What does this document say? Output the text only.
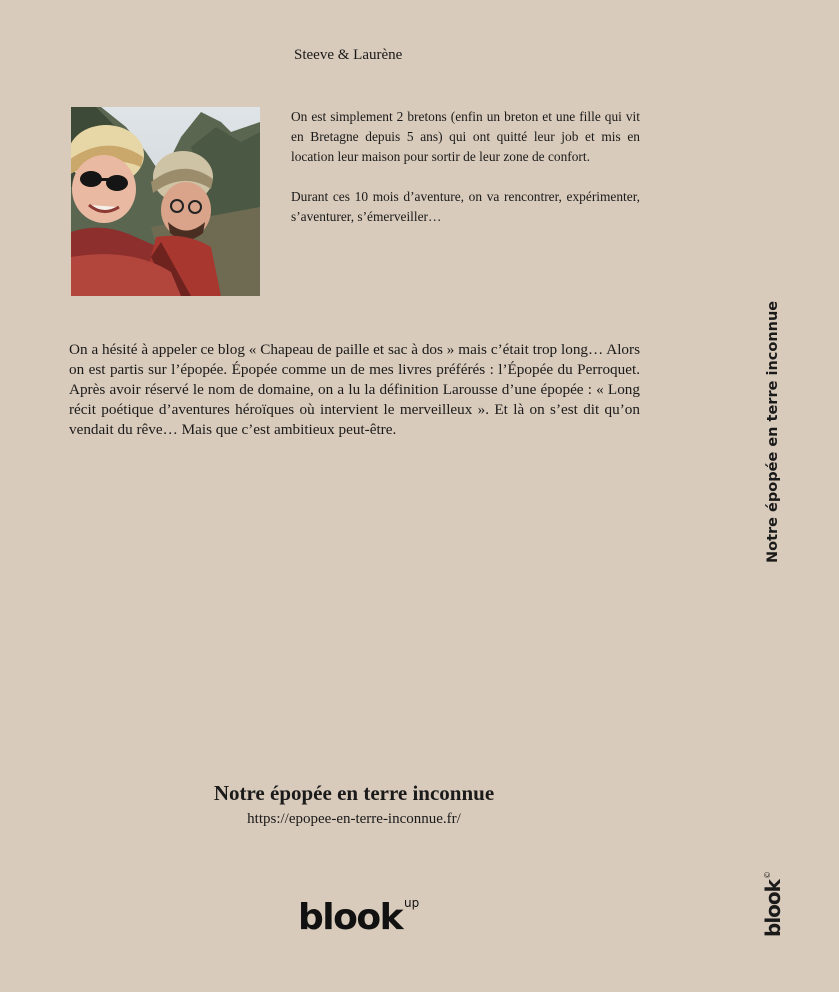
Steeve & Laurène

On est simplement 2 bretons (enfin un breton et une fille qui vit en Bretagne depuis 5 ans) qui ont quitté leur job et mis en location leur maison pour sortir de leur zone de confort.

Durant ces 10 mois d’aventure, on va rencontrer, expérimenter, s’aventurer, s’émerveiller…

On a hésité à appeler ce blog « Chapeau de paille et sac à dos » mais c’était trop long… Alors on est partis sur l’épopée. Épopée comme un de mes livres préférés : l’Épopée du Perroquet. Après avoir réservé le nom de domaine, on a lu la définition Larousse d’une épopée : « Long récit poétique d’aventures héroïques où intervient le merveilleux ». Et là on s’est dit qu’on vendait du rêve… Mais que c’est ambitieux peut-être.

Notre épopée en terre inconnue
https://epopee-en-terre-inconnue.fr/
blook $^{up}$
Notre épopée en terre inconnue
blook©
